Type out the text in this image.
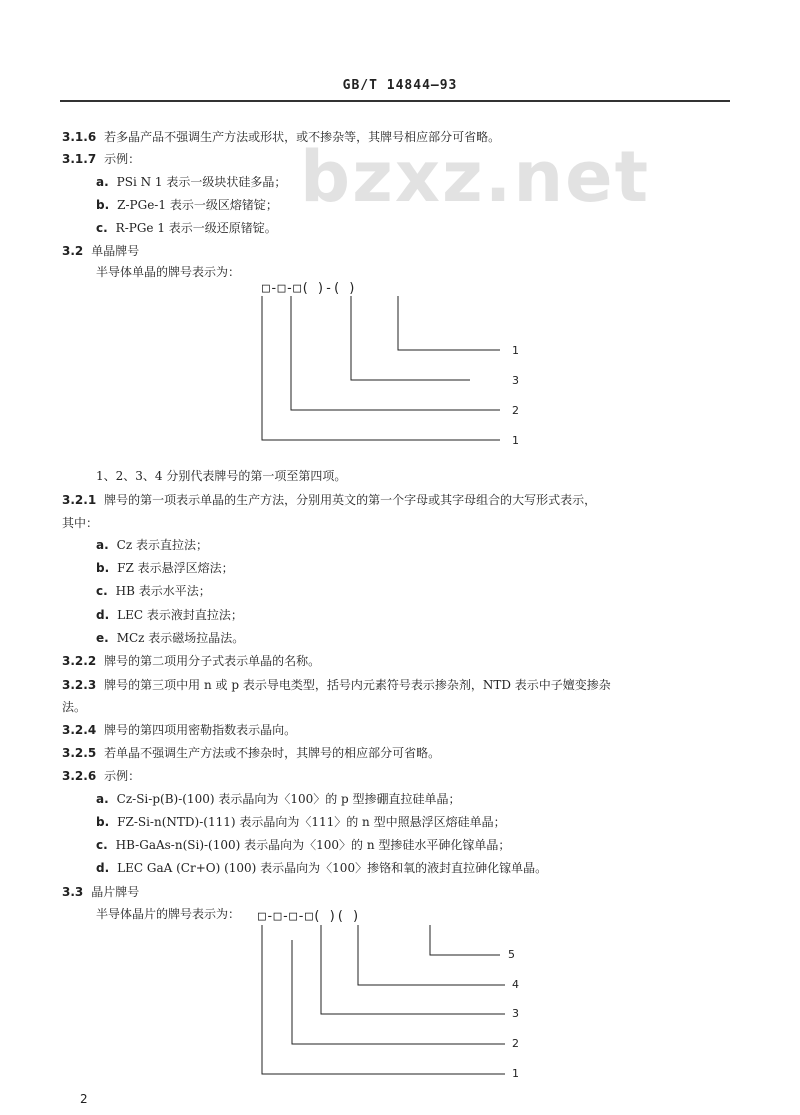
GB/T 14844—93
bzxz.net
3.1.6 若多晶产品不强调生产方法或形状，或不掺杂等，其牌号相应部分可省略。
3.1.7 示例：
a. PSi N 1 表示一级块状硅多晶；
b. Z-PGe-1 表示一级区熔锗锭；
c. R-PGe 1 表示一级还原锗锭。
3.2 单晶牌号
半导体单晶的牌号表示为：
1、2、3、4 分别代表牌号的第一项至第四项。
3.2.1 牌号的第一项表示单晶的生产方法，分别用英文的第一个字母或其字母组合的大写形式表示，
其中：
a. Cz 表示直拉法；
b. FZ 表示悬浮区熔法；
c. HB 表示水平法；
d. LEC 表示液封直拉法；
e. MCz 表示磁场拉晶法。
3.2.2 牌号的第二项用分子式表示单晶的名称。
3.2.3 牌号的第三项中用 n 或 p 表示导电类型，括号内元素符号表示掺杂剂，NTD 表示中子嬗变掺杂
法。
3.2.4 牌号的第四项用密勒指数表示晶向。
3.2.5 若单晶不强调生产方法或不掺杂时，其牌号的相应部分可省略。
3.2.6 示例：
a. Cz-Si-p(B)-(100) 表示晶向为〈100〉的 p 型掺硼直拉硅单晶；
b. FZ-Si-n(NTD)-(111) 表示晶向为〈111〉的 n 型中照悬浮区熔硅单晶；
c. HB-GaAs-n(Si)-(100) 表示晶向为〈100〉的 n 型掺硅水平砷化镓单晶；
d. LEC GaA (Cr+O) (100) 表示晶向为〈100〉掺铬和氧的液封直拉砷化镓单晶。
3.3 晶片牌号
半导体晶片的牌号表示为：
□-□-□( )-( )
1
3
2
1
□-□-□-□( )( )
5
4
3
2
1
2
